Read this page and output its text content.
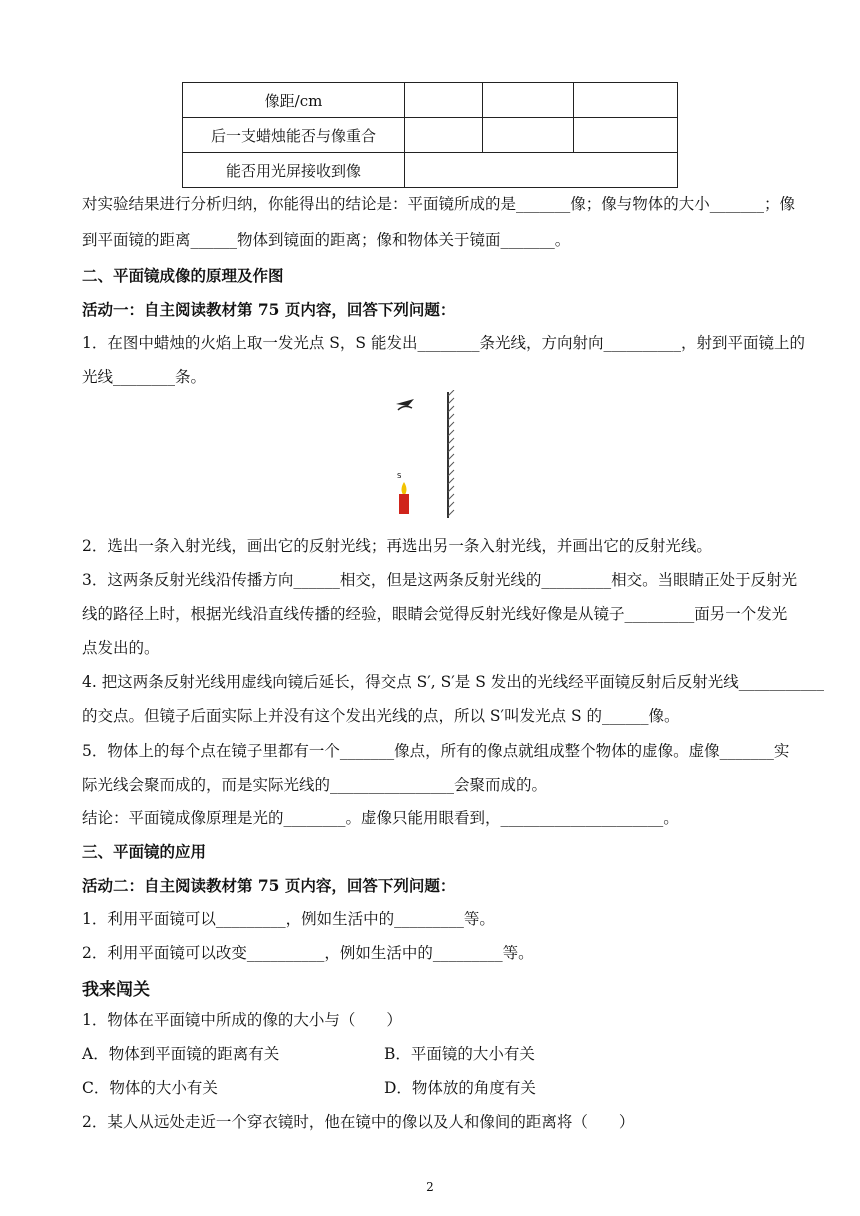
像距/cm			
后一支蜡烛能否与像重合			
能否用光屏接收到像			
对实验结果进行分析归纳，你能得出的结论是：平面镜所成的是_______像；像与物体的大小_______；像
到平面镜的距离______物体到镜面的距离；像和物体关于镜面_______。
二、平面镜成像的原理及作图
活动一：自主阅读教材第 75 页内容，回答下列问题：
1．在图中蜡烛的火焰上取一发光点 S，S 能发出________条光线，方向射向__________，射到平面镜上的
光线________条。
S
2．选出一条入射光线，画出它的反射光线；再选出另一条入射光线，并画出它的反射光线。
3．这两条反射光线沿传播方向______相交，但是这两条反射光线的_________相交。当眼睛正处于反射光
线的路径上时，根据光线沿直线传播的经验，眼睛会觉得反射光线好像是从镜子_________面另一个发光
点发出的。
4. 把这两条反射光线用虚线向镜后延长，得交点 S′, S′是 S 发出的光线经平面镜反射后反射光线___________
的交点。但镜子后面实际上并没有这个发出光线的点，所以 S′叫发光点 S 的______像。
5．物体上的每个点在镜子里都有一个_______像点，所有的像点就组成整个物体的虚像。虚像_______实
际光线会聚而成的，而是实际光线的________________会聚而成的。
结论：平面镜成像原理是光的________。虚像只能用眼看到，_____________________。
三、平面镜的应用
活动二：自主阅读教材第 75 页内容，回答下列问题：
1．利用平面镜可以_________，例如生活中的_________等。
2．利用平面镜可以改变__________，例如生活中的_________等。
我来闯关
1．物体在平面镜中所成的像的大小与（　　）
A．物体到平面镜的距离有关	B．平面镜的大小有关
C．物体的大小有关	D．物体放的角度有关
2．某人从远处走近一个穿衣镜时，他在镜中的像以及人和像间的距离将（　　）
2
